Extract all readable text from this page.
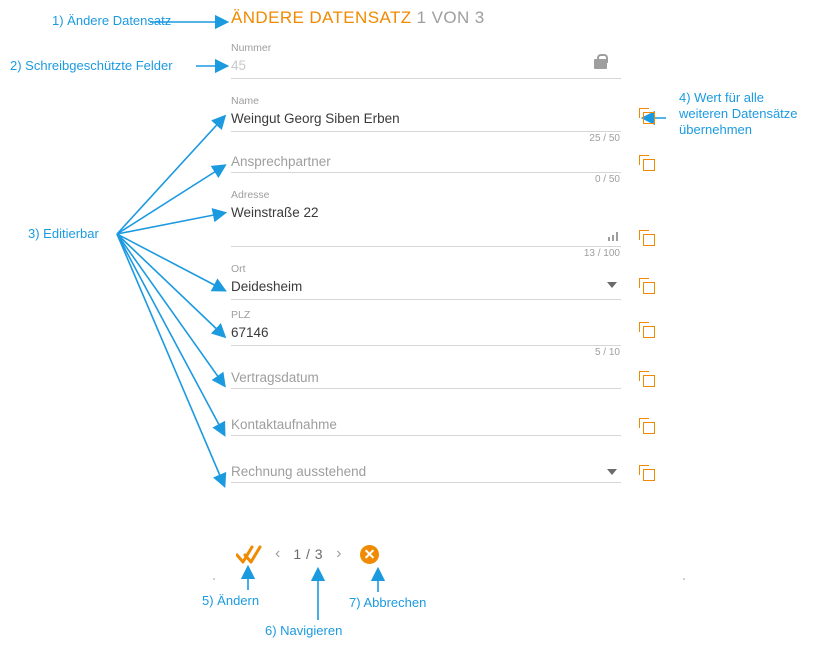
1) Ändere Datensatz
2) Schreibgeschützte Felder
3) Editierbar
4) Wert für alle weiteren Datensätze übernehmen
5) Ändern
6) Navigieren
7) Abbrechen
ÄNDERE DATENSATZ 1 VON 3
Nummer
45
Name
Weingut Georg Siben Erben
25 / 50
Ansprechpartner
0 / 50
Adresse
Weinstraße 22
13 / 100
Ort
Deidesheim
PLZ
67146
5 / 10
Vertragsdatum
Kontaktaufnahme
Rechnung ausstehend
‹ 1 / 3 ›
